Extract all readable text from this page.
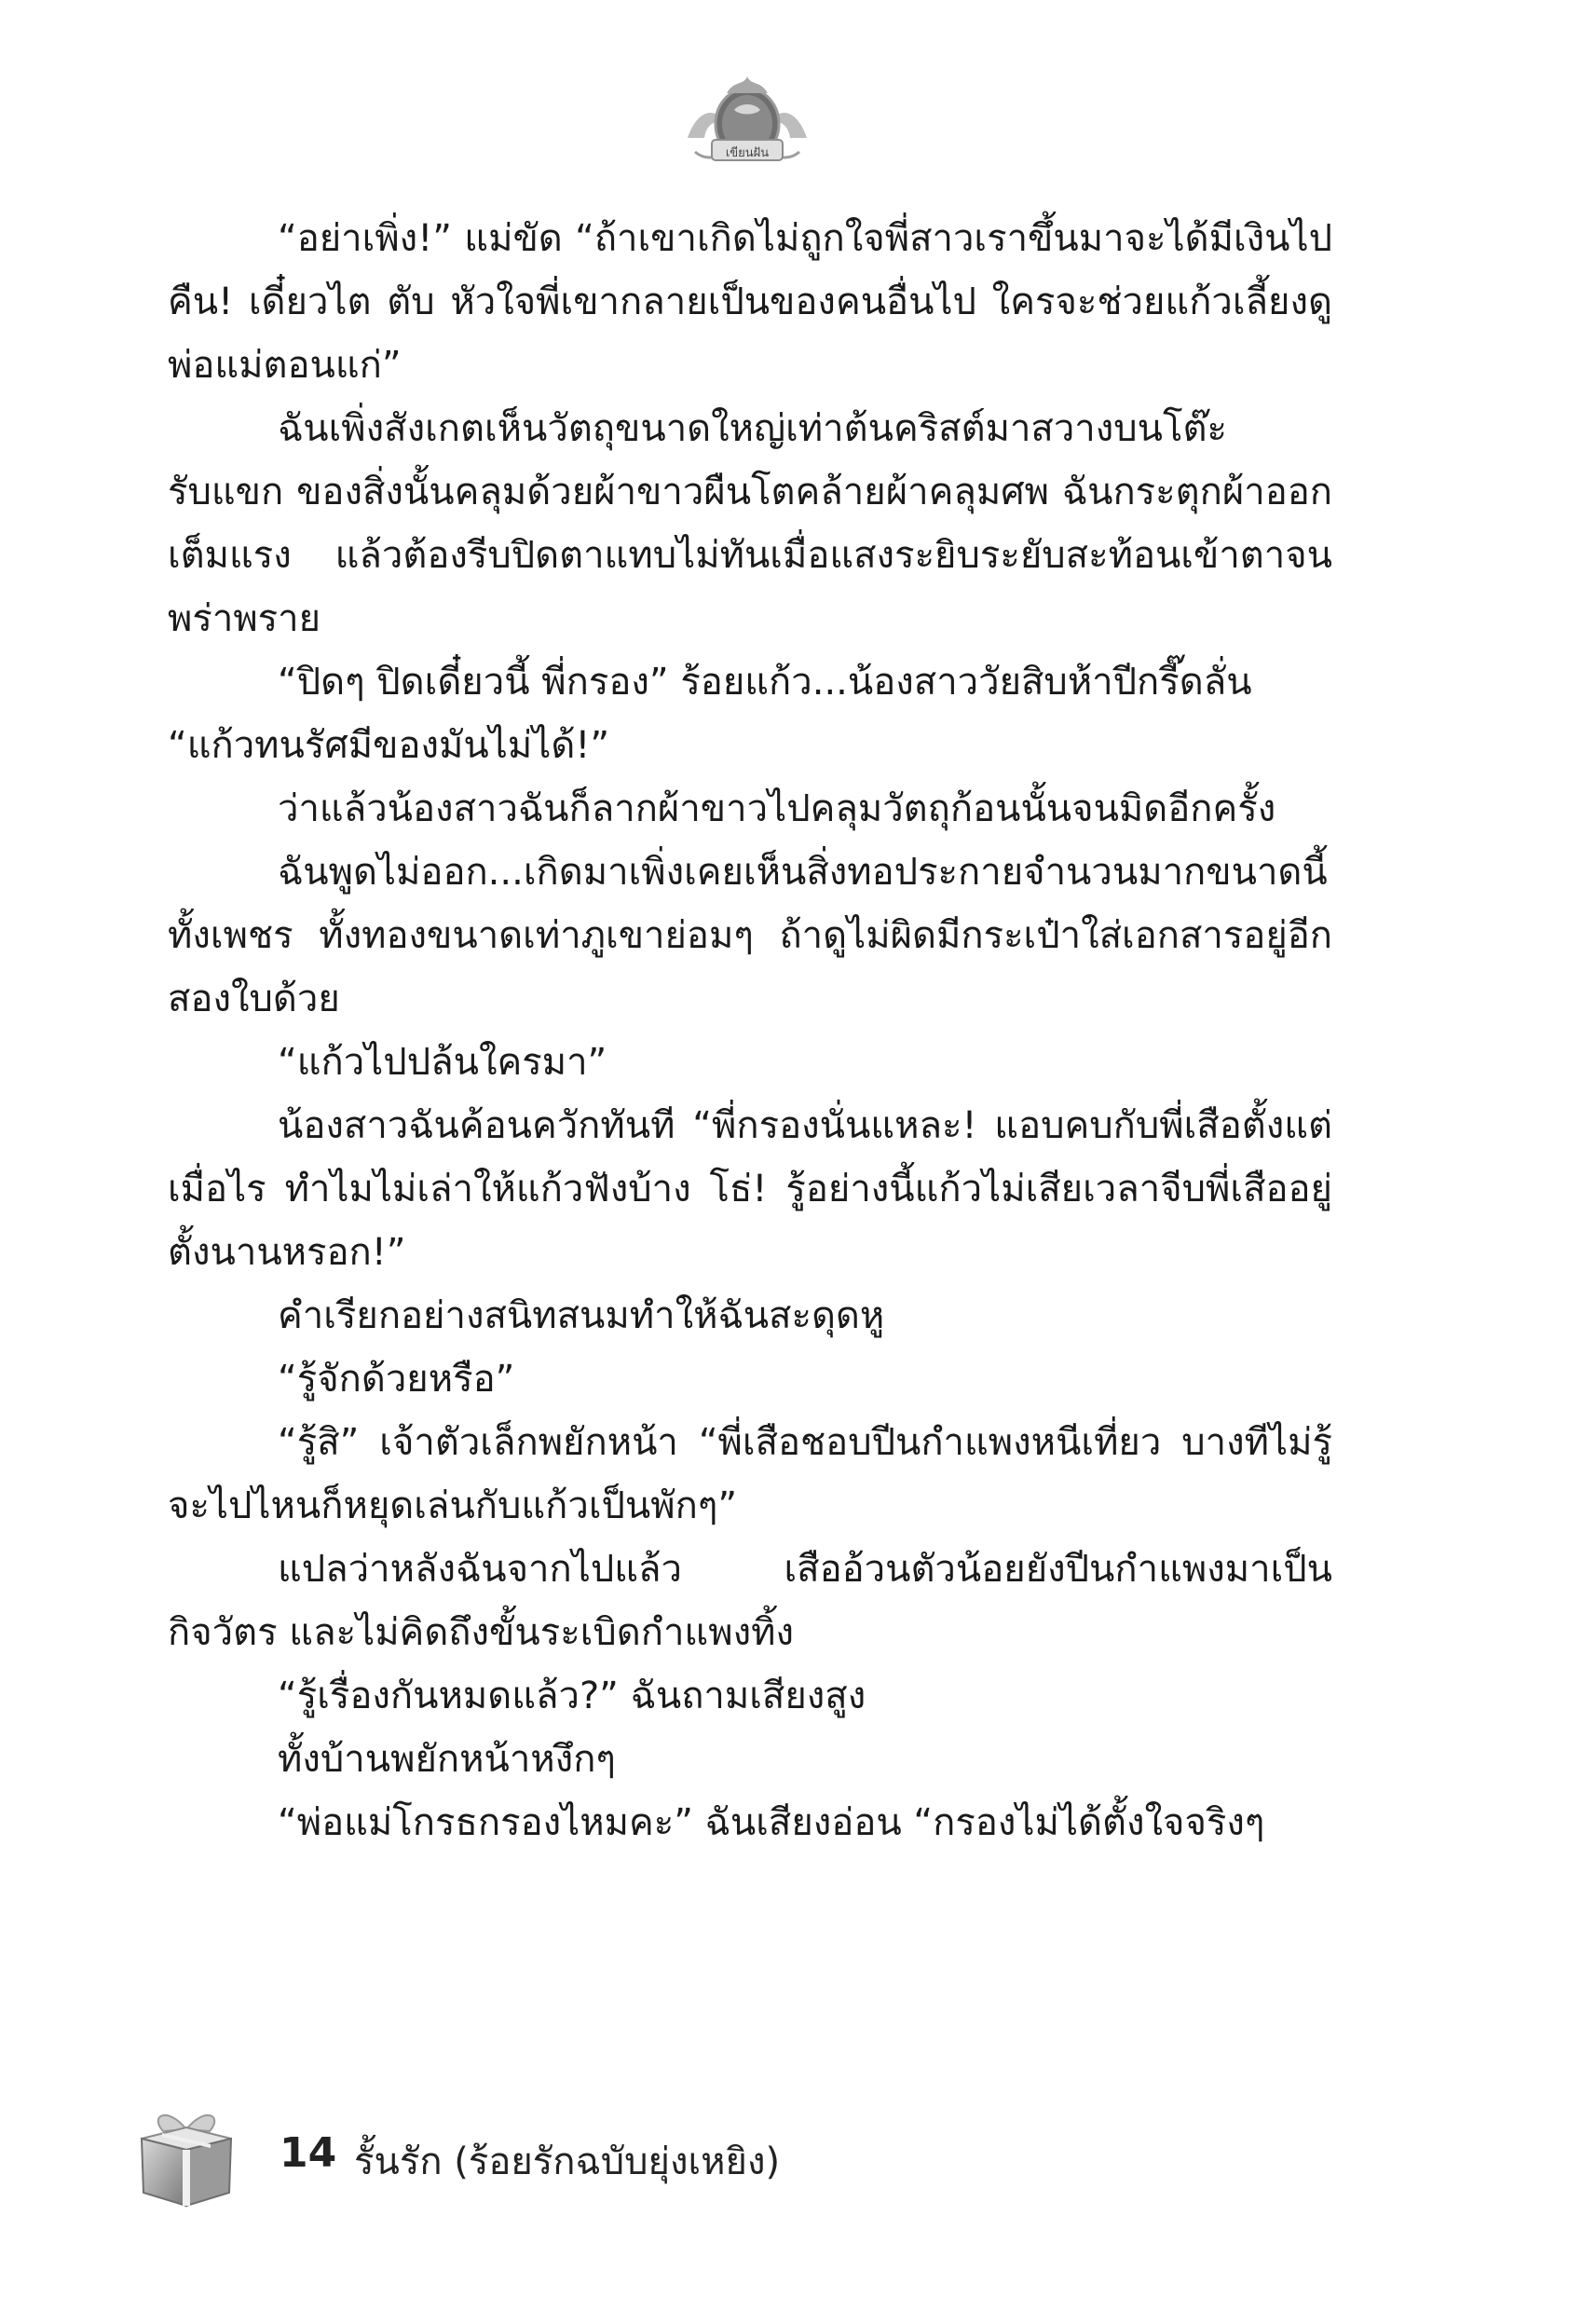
เขียนฝัน

“อย่าเพิ่ง!” แม่ขัด “ถ้าเขาเกิดไม่ถูกใจพี่สาวเราขึ้นมาจะได้มีเงินไปคืน! เดี๋ยวไต ตับ หัวใจพี่เขากลายเป็นของคนอื่นไป ใครจะช่วยแก้วเลี้ยงดูพ่อแม่ตอนแก่”

ฉันเพิ่งสังเกตเห็นวัตถุขนาดใหญ่เท่าต้นคริสต์มาสวางบนโต๊ะรับแขก ของสิ่งนั้นคลุมด้วยผ้าขาวผืนโตคล้ายผ้าคลุมศพ ฉันกระตุกผ้าออกเต็มแรง แล้วต้องรีบปิดตาแทบไม่ทันเมื่อแสงระยิบระยับสะท้อนเข้าตาจนพร่าพราย

“ปิดๆ ปิดเดี๋ยวนี้ พี่กรอง” ร้อยแก้ว...น้องสาววัยสิบห้าปีกรี๊ดลั่น

“แก้วทนรัศมีของมันไม่ได้!”

ว่าแล้วน้องสาวฉันก็ลากผ้าขาวไปคลุมวัตถุก้อนนั้นจนมิดอีกครั้ง

ฉันพูดไม่ออก...เกิดมาเพิ่งเคยเห็นสิ่งทอประกายจำนวนมากขนาดนี้ ทั้งเพชร ทั้งทองขนาดเท่าภูเขาย่อมๆ ถ้าดูไม่ผิดมีกระเป๋าใส่เอกสารอยู่อีกสองใบด้วย

“แก้วไปปล้นใครมา”

น้องสาวฉันค้อนควักทันที “พี่กรองนั่นแหละ! แอบคบกับพี่เสือตั้งแต่เมื่อไร ทำไมไม่เล่าให้แก้วฟังบ้าง โธ่! รู้อย่างนี้แก้วไม่เสียเวลาจีบพี่เสืออยู่ตั้งนานหรอก!”

คำเรียกอย่างสนิทสนมทำให้ฉันสะดุดหู

“รู้จักด้วยหรือ”

“รู้สิ” เจ้าตัวเล็กพยักหน้า “พี่เสือชอบปีนกำแพงหนีเที่ยว บางทีไม่รู้จะไปไหนก็หยุดเล่นกับแก้วเป็นพักๆ”

แปลว่าหลังฉันจากไปแล้ว เสืออ้วนตัวน้อยยังปีนกำแพงมาเป็นกิจวัตร และไม่คิดถึงขั้นระเบิดกำแพงทิ้ง

“รู้เรื่องกันหมดแล้ว?” ฉันถามเสียงสูง

ทั้งบ้านพยักหน้าหงึกๆ

“พ่อแม่โกรธกรองไหมคะ” ฉันเสียงอ่อน “กรองไม่ได้ตั้งใจจริงๆ

14 รั้นรัก (ร้อยรักฉบับยุ่งเหยิง)
